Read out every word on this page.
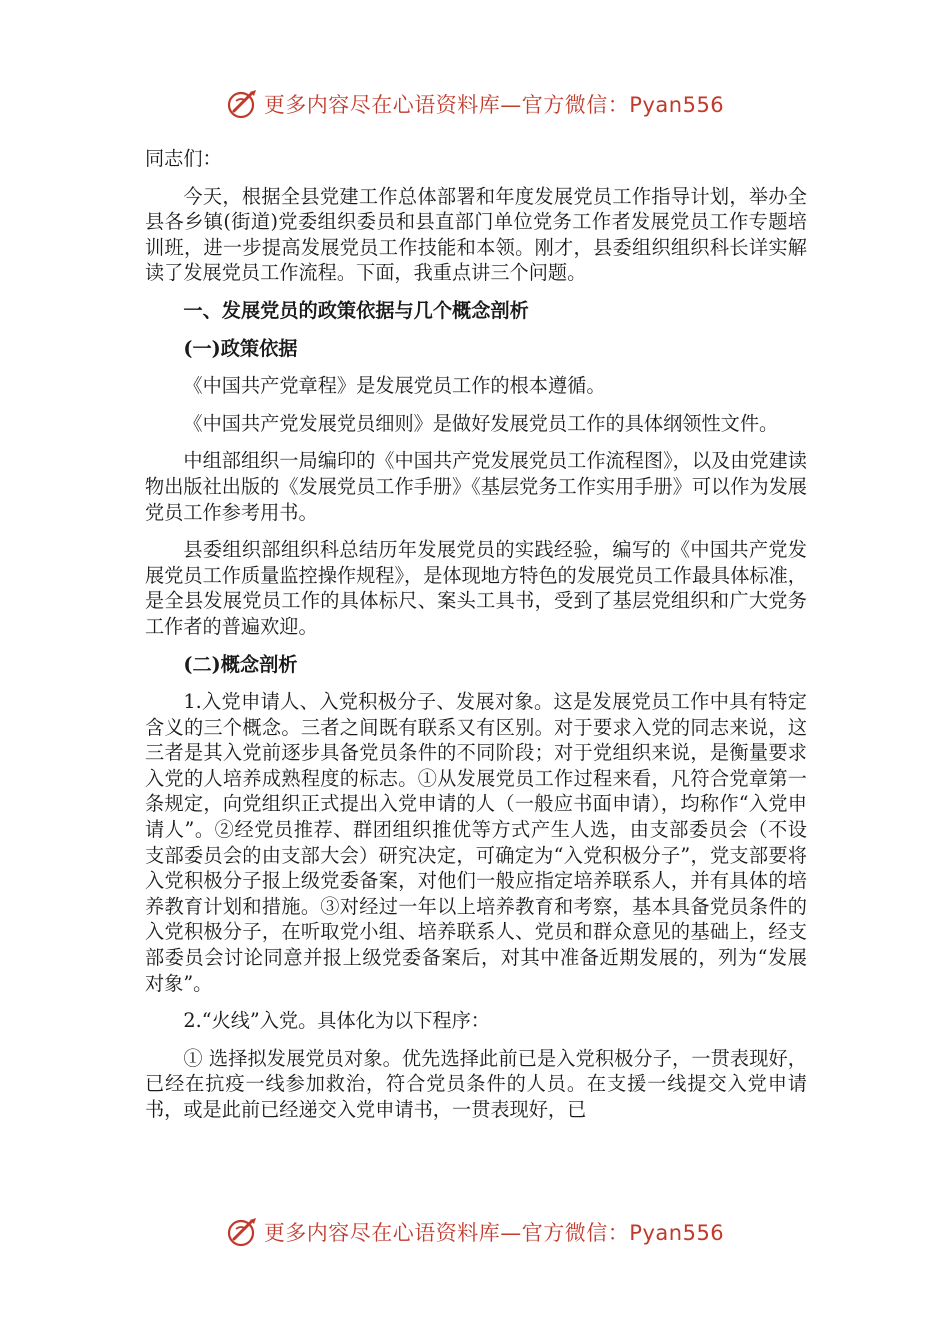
更多内容尽在心语资料库—官方微信：Pyan556

同志们：

今天，根据全县党建工作总体部署和年度发展党员工作指导计划，举办全县各乡镇(街道)党委组织委员和县直部门单位党务工作者发展党员工作专题培训班，进一步提高发展党员工作技能和本领。刚才，县委组织组织科长详实解读了发展党员工作流程。下面，我重点讲三个问题。

一、发展党员的政策依据与几个概念剖析

(一)政策依据

《中国共产党章程》是发展党员工作的根本遵循。

《中国共产党发展党员细则》是做好发展党员工作的具体纲领性文件。

中组部组织一局编印的《中国共产党发展党员工作流程图》，以及由党建读物出版社出版的《发展党员工作手册》《基层党务工作实用手册》可以作为发展党员工作参考用书。

县委组织部组织科总结历年发展党员的实践经验，编写的《中国共产党发展党员工作质量监控操作规程》，是体现地方特色的发展党员工作最具体标准，是全县发展党员工作的具体标尺、案头工具书，受到了基层党组织和广大党务工作者的普遍欢迎。

(二)概念剖析

1.入党申请人、入党积极分子、发展对象。这是发展党员工作中具有特定含义的三个概念。三者之间既有联系又有区别。对于要求入党的同志来说，这三者是其入党前逐步具备党员条件的不同阶段；对于党组织来说，是衡量要求入党的人培养成熟程度的标志。①从发展党员工作过程来看，凡符合党章第一条规定，向党组织正式提出入党申请的人（一般应书面申请），均称作“入党申请人”。②经党员推荐、群团组织推优等方式产生人选，由支部委员会（不设支部委员会的由支部大会）研究决定，可确定为“入党积极分子”，党支部要将入党积极分子报上级党委备案，对他们一般应指定培养联系人，并有具体的培养教育计划和措施。③对经过一年以上培养教育和考察，基本具备党员条件的入党积极分子，在听取党小组、培养联系人、党员和群众意见的基础上，经支部委员会讨论同意并报上级党委备案后，对其中准备近期发展的，列为“发展对象”。

2.“火线”入党。具体化为以下程序：

① 选择拟发展党员对象。优先选择此前已是入党积极分子，一贯表现好，已经在抗疫一线参加救治，符合党员条件的人员。在支援一线提交入党申请书，或是此前已经递交入党申请书，一贯表现好，已

更多内容尽在心语资料库—官方微信：Pyan556
